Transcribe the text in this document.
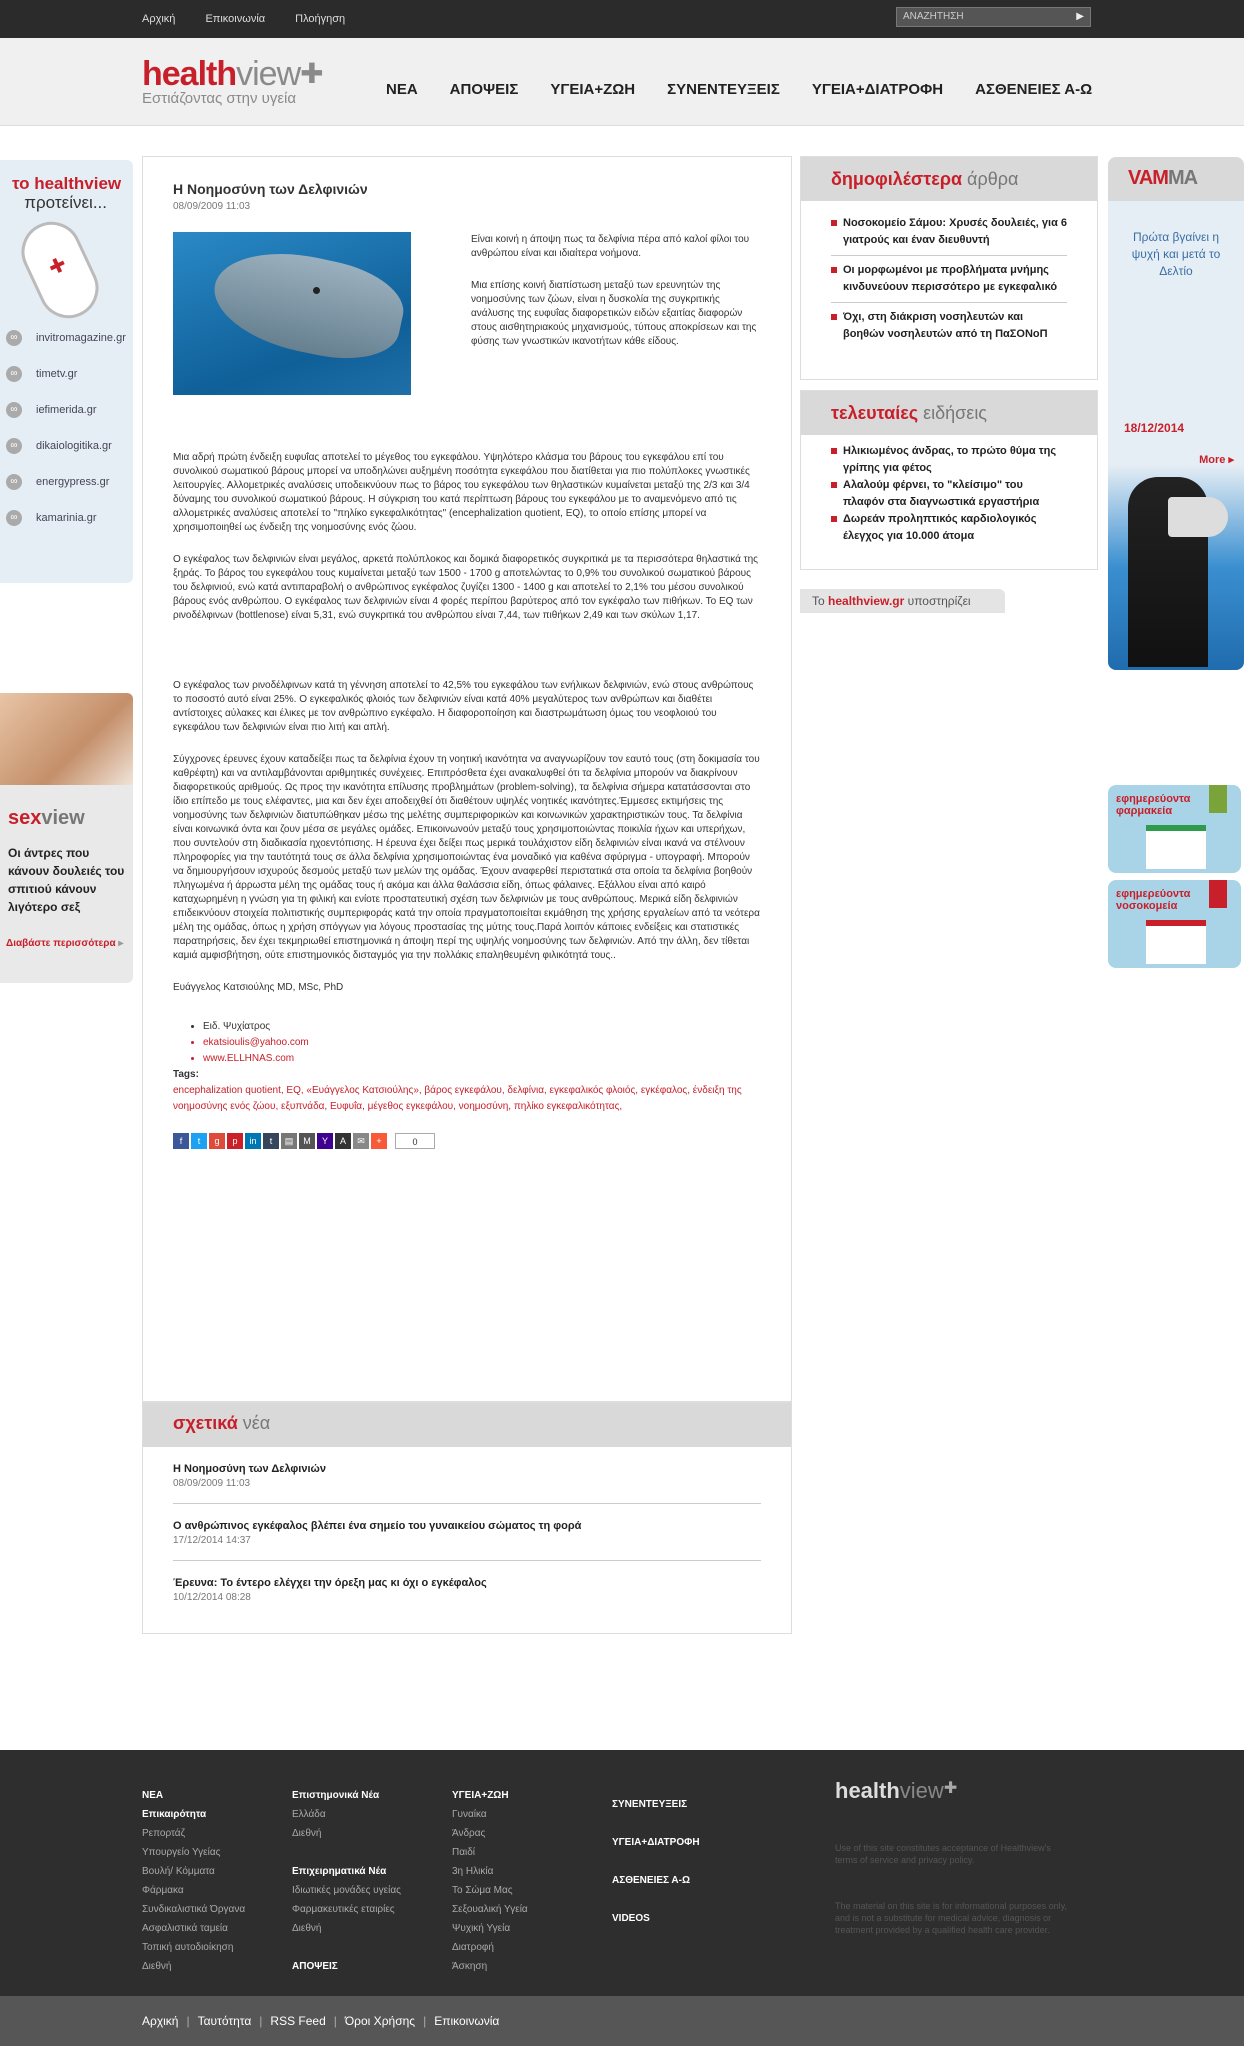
Αρχική	Επικοινωνία	Πλοήγηση	ΑΝΑΖΗΤΗΣΗ	▶
healthview✚
Εστιάζοντας στην υγεία
ΝΕΑ ΑΠΟΨΕΙΣ ΥΓΕΙΑ+ΖΩΗ ΣΥΝΕΝΤΕΥΞΕΙΣ ΥΓΕΙΑ+ΔΙΑΤΡΟΦΗ ΑΣΘΕΝΕΙΕΣ Α-Ω
το healthview
προτείνει...
✚
∞	invitromagazine.gr
∞	timetv.gr
∞	iefimerida.gr
∞	dikaiologitika.gr
∞	energypress.gr
∞	kamarinia.gr
sexview
Οι άντρες που κάνουν δουλειές του σπιτιού κάνουν λιγότερο σεξ
Διαβάστε περισσότερα ▸
Η Νοημοσύνη των Δελφινιών
08/09/2009 11:03

Είναι κοινή η άποψη πως τα δελφίνια πέρα από καλοί φίλοι του ανθρώπου είναι και ιδιαίτερα νοήμονα.

Μια επίσης κοινή διαπίστωση μεταξύ των ερευνητών της νοημοσύνης των ζώων, είναι η δυσκολία της συγκριτικής ανάλυσης της ευφυΐας διαφορετικών ειδών εξαιτίας διαφορών στους αισθητηριακούς μηχανισμούς, τύπους αποκρίσεων και της φύσης των γνωστικών ικανοτήτων κάθε είδους.

Μια αδρή πρώτη ένδειξη ευφυΐας αποτελεί το μέγεθος του εγκεφάλου. Υψηλότερο κλάσμα του βάρους του εγκεφάλου επί του συνολικού σωματικού βάρους μπορεί να υποδηλώνει αυξημένη ποσότητα εγκεφάλου που διατίθεται για πιο πολύπλοκες γνωστικές λειτουργίες. Αλλομετρικές αναλύσεις υποδεικνύουν πως το βάρος του εγκεφάλου των θηλαστικών κυμαίνεται μεταξύ της 2/3 και 3/4 δύναμης του συνολικού σωματικού βάρους. Η σύγκριση του κατά περίπτωση βάρους του εγκεφάλου με το αναμενόμενο από τις αλλομετρικές αναλύσεις αποτελεί το "πηλίκο εγκεφαλικότητας" (encephalization quotient, EQ), το οποίο επίσης μπορεί να χρησιμοποιηθεί ως ένδειξη της νοημοσύνης ενός ζώου.

Ο εγκέφαλος των δελφινιών είναι μεγάλος, αρκετά πολύπλοκος και δομικά διαφορετικός συγκριτικά με τα περισσότερα θηλαστικά της ξηράς. Το βάρος του εγκεφάλου τους κυμαίνεται μεταξύ των 1500 - 1700 g αποτελώντας το 0,9% του συνολικού σωματικού βάρους του δελφινιού, ενώ κατά αντιπαραβολή ο ανθρώπινος εγκέφαλος ζυγίζει 1300 - 1400 g και αποτελεί το 2,1% του μέσου συνολικού βάρους ενός ανθρώπου. Ο εγκέφαλος των δελφινιών είναι 4 φορές περίπου βαρύτερος από τον εγκέφαλο των πιθήκων. Το EQ των ρινοδέλφινων (bottlenose) είναι 5,31, ενώ συγκριτικά του ανθρώπου είναι 7,44, των πιθήκων 2,49 και των σκύλων 1,17.

Ο εγκέφαλος των ρινοδέλφινων κατά τη γέννηση αποτελεί το 42,5% του εγκεφάλου των ενήλικων δελφινιών, ενώ στους ανθρώπους το ποσοστό αυτό είναι 25%. Ο εγκεφαλικός φλοιός των δελφινιών είναι κατά 40% μεγαλύτερος των ανθρώπων και διαθέτει αντίστοιχες αύλακες και έλικες με τον ανθρώπινο εγκέφαλο. Η διαφοροποίηση και διαστρωμάτωση όμως του νεοφλοιού του εγκεφάλου των δελφινιών είναι πιο λιτή και απλή.

Σύγχρονες έρευνες έχουν καταδείξει πως τα δελφίνια έχουν τη νοητική ικανότητα να αναγνωρίζουν τον εαυτό τους (στη δοκιμασία του καθρέφτη) και να αντιλαμβάνονται αριθμητικές συνέχειες. Επιπρόσθετα έχει ανακαλυφθεί ότι τα δελφίνια μπορούν να διακρίνουν διαφορετικούς αριθμούς. Ως προς την ικανότητα επίλυσης προβλημάτων (problem-solving), τα δελφίνια σήμερα κατατάσσονται στο ίδιο επίπεδο με τους ελέφαντες, μια και δεν έχει αποδειχθεί ότι διαθέτουν υψηλές νοητικές ικανότητες.Έμμεσες εκτιμήσεις της νοημοσύνης των δελφινιών διατυπώθηκαν μέσω της μελέτης συμπεριφορικών και κοινωνικών χαρακτηριστικών τους. Τα δελφίνια είναι κοινωνικά όντα και ζουν μέσα σε μεγάλες ομάδες. Επικοινωνούν μεταξύ τους χρησιμοποιώντας ποικιλία ήχων και υπερήχων, που συντελούν στη διαδικασία ηχοεντόπισης. Η έρευνα έχει δείξει πως μερικά τουλάχιστον είδη δελφινιών είναι ικανά να στέλνουν πληροφορίες για την ταυτότητά τους σε άλλα δελφίνια χρησιμοποιώντας ένα μοναδικό για καθένα σφύριγμα - υπογραφή. Μπορούν να δημιουργήσουν ισχυρούς δεσμούς μεταξύ των μελών της ομάδας. Έχουν αναφερθεί περιστατικά στα οποία τα δελφίνια βοηθούν πληγωμένα ή άρρωστα μέλη της ομάδας τους ή ακόμα και άλλα θαλάσσια είδη, όπως φάλαινες. Εξάλλου είναι από καιρό καταχωρημένη η γνώση για τη φιλική και ενίοτε προστατευτική σχέση των δελφινιών με τους ανθρώπους. Μερικά είδη δελφινιών επιδεικνύουν στοιχεία πολιτιστικής συμπεριφοράς κατά την οποία πραγματοποιείται εκμάθηση της χρήσης εργαλείων από τα νεότερα μέλη της ομάδας, όπως η χρήση σπόγγων για λόγους προστασίας της μύτης τους.Παρά λοιπόν κάποιες ενδείξεις και στατιστικές παρατηρήσεις, δεν έχει τεκμηριωθεί επιστημονικά η άποψη περί της υψηλής νοημοσύνης των δελφινιών. Από την άλλη, δεν τίθεται καμιά αμφισβήτηση, ούτε επιστημονικός δισταγμός για την πολλάκις επαληθευμένη φιλικότητά τους..

Ευάγγελος Κατσιούλης MD, MSc, PhD

• Ειδ. Ψυχίατρος
• ekatsioulis@yahoo.com
• www.ELLHNAS.com
Tags:
encephalization quotient, EQ, «Ευάγγελος Κατσιούλης», βάρος εγκεφάλου, δελφίνια, εγκεφαλικός φλοιός, εγκέφαλος, ένδειξη της νοημοσύνης ενός ζώου, εξυπνάδα, Ευφυΐα, μέγεθος εγκεφάλου, νοημοσύνη, πηλίκο εγκεφαλικότητας,
f	t	g	p	in	t	▤	M	Y	A	✉	+	0
σχετικά νέα
Η Νοημοσύνη των Δελφινιών
08/09/2009 11:03
Ο ανθρώπινος εγκέφαλος βλέπει ένα σημείο του γυναικείου σώματος τη φορά
17/12/2014 14:37
Έρευνα: Το έντερο ελέγχει την όρεξη μας κι όχι ο εγκέφαλος
10/12/2014 08:28
δημοφιλέστερα άρθρα
Νοσοκομείο Σάμου: Χρυσές δουλειές, για 6 γιατρούς και έναν διευθυντή
Οι μορφωμένοι με προβλήματα μνήμης κινδυνεύουν περισσότερο με εγκεφαλικό
Όχι, στη διάκριση νοσηλευτών και βοηθών νοσηλευτών από τη ΠαΣΟΝοΠ
τελευταίες ειδήσεις
Ηλικιωμένος άνδρας, το πρώτο θύμα της γρίπης για φέτος
Αλαλούμ φέρνει, το "κλείσιμο" του πλαφόν στα διαγνωστικά εργαστήρια
Δωρεάν προληπτικός καρδιολογικός έλεγχος για 10.000 άτομα
Το healthview.gr υποστηρίζει
VAMMA
Πρώτα βγαίνει η ψυχή και μετά το Δελτίο
18/12/2014
More ▸
εφημερεύοντα φαρμακεία
εφημερεύοντα νοσοκομεία
ΝΕΑ
Επικαιρότητα
Ρεπορτάζ
Υπουργείο Υγείας
Βουλή/ Κόμματα
Φάρμακα
Συνδικαλιστικά Όργανα
Ασφαλιστικά ταμεία
Τοπική αυτοδιοίκηση
Διεθνή
Επιστημονικά Νέα
Ελλάδα
Διεθνή
Επιχειρηματικά Νέα
Ιδιωτικές μονάδες υγείας
Φαρμακευτικές εταιρίες
Διεθνή
ΑΠΟΨΕΙΣ
ΥΓΕΙΑ+ΖΩΗ
Γυναίκα
Άνδρας
Παιδί
3η Ηλικία
Το Σώμα Μας
Σεξουαλική Υγεία
Ψυχική Υγεία
Διατροφή
Άσκηση
ΣΥΝΕΝΤΕΥΞΕΙΣ
ΥΓΕΙΑ+ΔΙΑΤΡΟΦΗ
ΑΣΘΕΝΕΙΕΣ Α-Ω
VIDEOS
healthview✚
Use of this site constitutes acceptance of Healthview's terms of service and privacy policy.
The material on this site is for informational purposes only, and is not a substitute for medical advice, diagnosis or treatment provided by a qualified health care provider.
Αρχική | Ταυτότητα | RSS Feed | Όροι Χρήσης | Επικοινωνία
